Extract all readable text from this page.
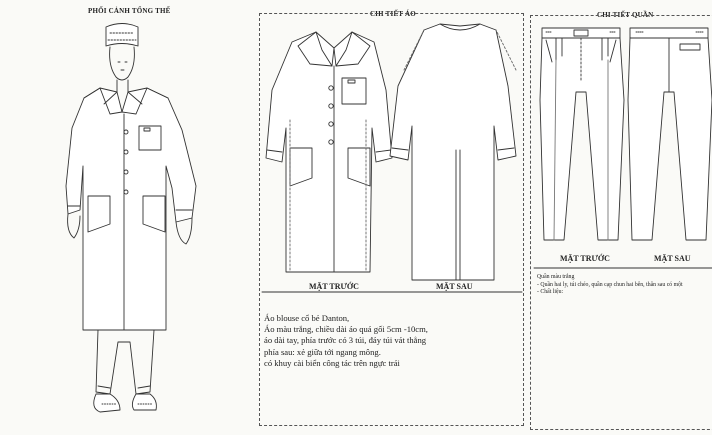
PHỐI CẢNH TỔNG THỂ	CHI TIẾT ÁO	CHI TIẾT QUẦN
MẶT TRƯỚC	MẶT SAU
MẶT TRƯỚC	MẶT SAU
Áo blouse cổ bẻ Danton,
Áo màu trắng, chiều dài áo quá gối 5cm -10cm,
áo dài tay, phía trước có 3 túi, đáy túi vát thẳng
phía sau: xẻ giữa tới ngang mông.
có khuy cài biển công tác trên ngực trái
Quần màu trắng
- Quần hai ly, túi chéo, quần cạp chun hai bên, thân sau có một
- Chất liệu:
